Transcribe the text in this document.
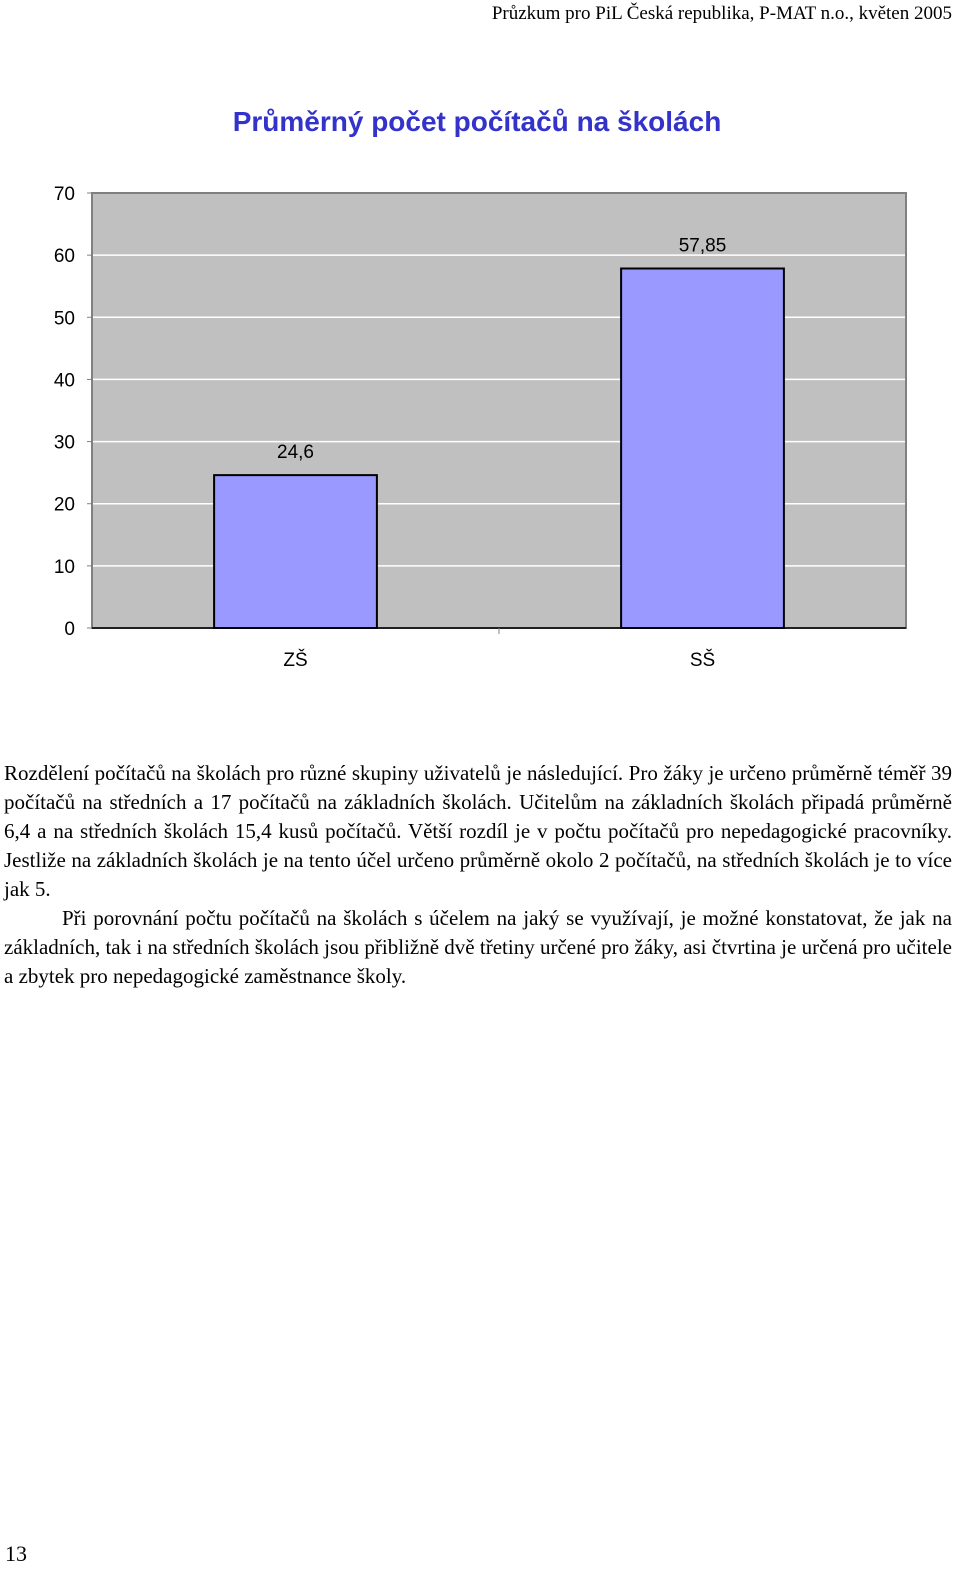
Průzkum pro PiL Česká republika, P-MAT n.o., květen 2005
Průměrný počet počítačů na školách
0
10
20
30
40
50
60
70
24,6
ZŠ
57,85
SŠ

Rozdělení počítačů na školách pro různé skupiny uživatelů je následující. Pro žáky je určeno průměrně téměř 39 počítačů na středních a 17 počítačů na základních školách. Učitelům na základních školách připadá průměrně 6,4 a na středních školách 15,4 kusů počítačů. Větší rozdíl je v počtu počítačů pro nepedagogické pracovníky. Jestliže na základních školách je na tento účel určeno průměrně okolo 2 počítačů, na středních školách je to více jak 5.

Při porovnání počtu počítačů na školách s účelem na jaký se využívají, je možné konstatovat, že jak na základních, tak i na středních školách jsou přibližně dvě třetiny určené pro žáky, asi čtvrtina je určená pro učitele a zbytek pro nepedagogické zaměstnance školy.

13
